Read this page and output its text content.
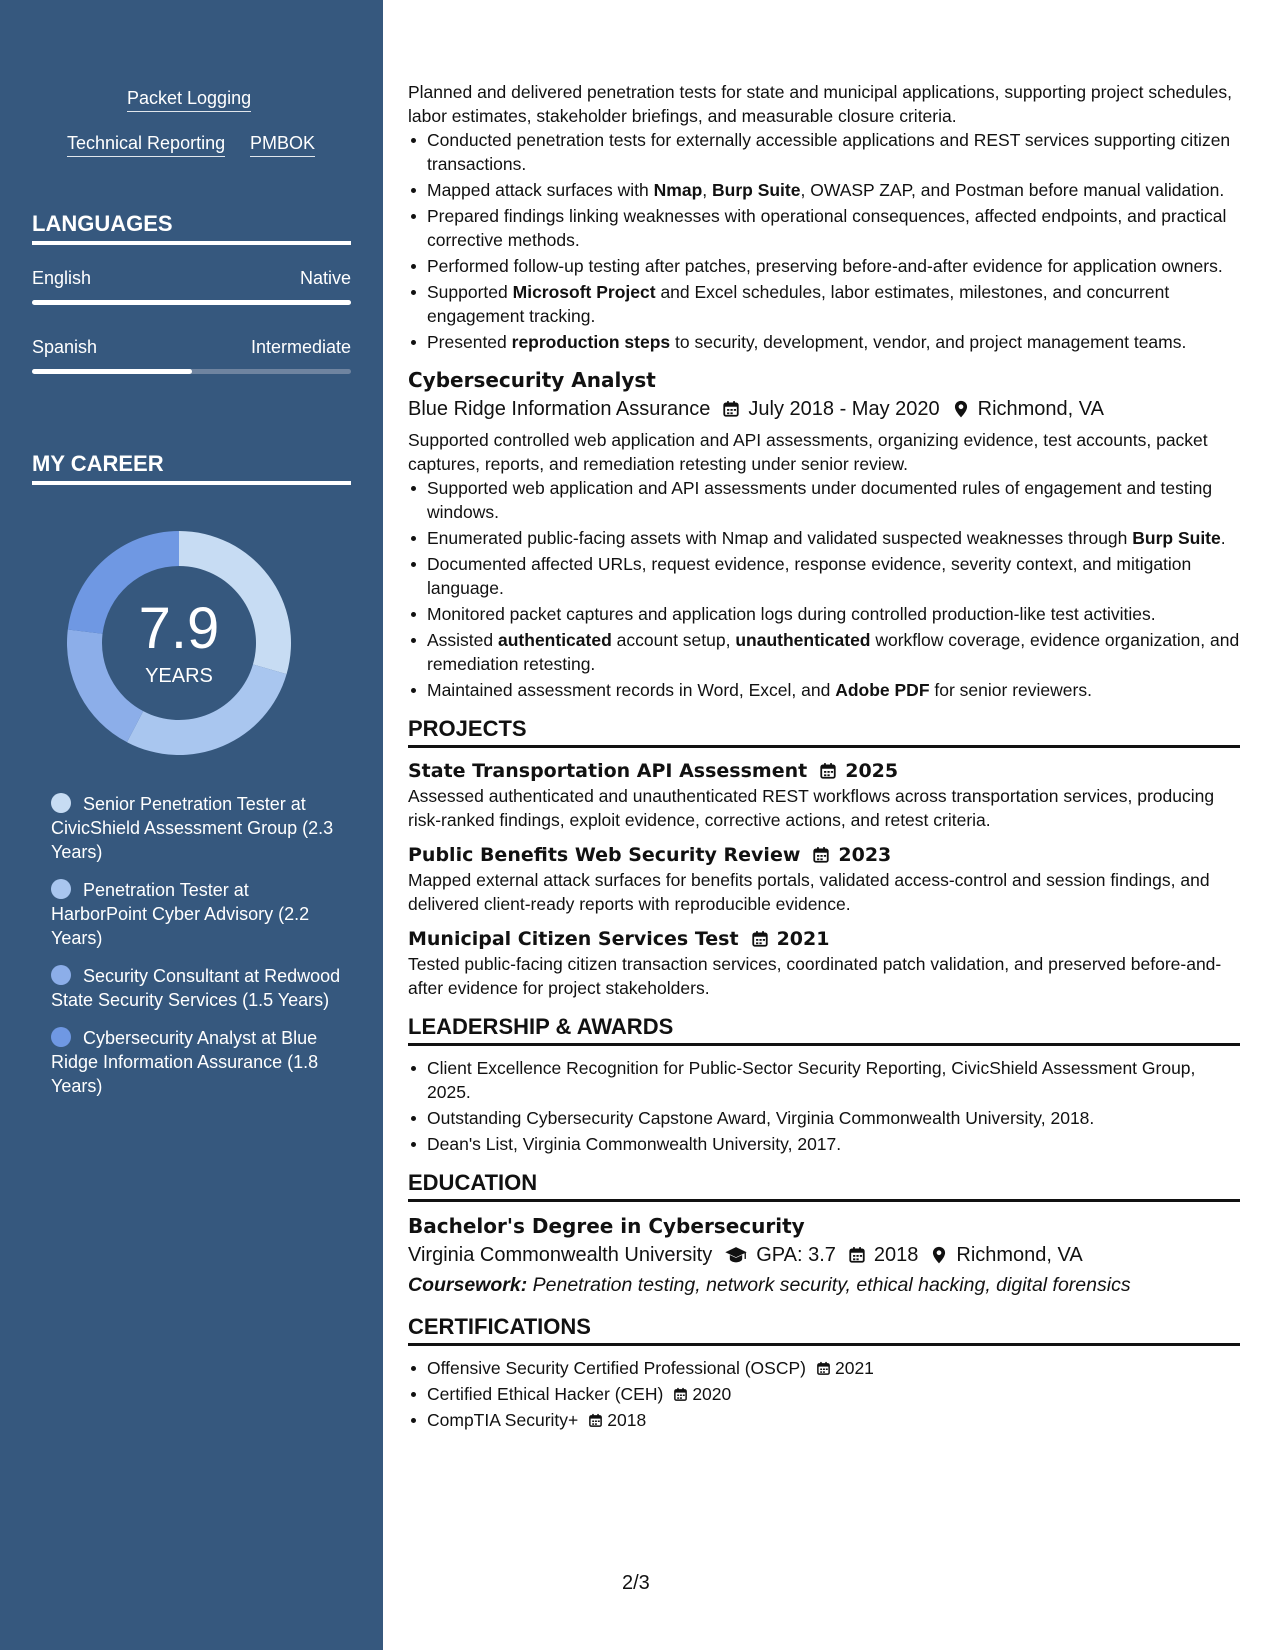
Packet Logging
Technical Reporting PMBOK
LANGUAGES
English	Native
Spanish	Intermediate
MY CAREER
7.9
YEARS
Senior Penetration Tester at CivicShield Assessment Group (2.3 Years)
Penetration Tester at HarborPoint Cyber Advisory (2.2 Years)
Security Consultant at Redwood State Security Services (1.5 Years)
Cybersecurity Analyst at Blue Ridge Information Assurance (1.8 Years)

Planned and delivered penetration tests for state and municipal applications, supporting project schedules, labor estimates, stakeholder briefings, and measurable closure criteria.

Conducted penetration tests for externally accessible applications and REST services supporting citizen transactions.
Mapped attack surfaces with Nmap, Burp Suite, OWASP ZAP, and Postman before manual validation.
Prepared findings linking weaknesses with operational consequences, affected endpoints, and practical corrective methods.
Performed follow-up testing after patches, preserving before-and-after evidence for application owners.
Supported Microsoft Project and Excel schedules, labor estimates, milestones, and concurrent engagement tracking.
Presented reproduction steps to security, development, vendor, and project management teams.
Cybersecurity Analyst
Blue Ridge Information Assurance July 2018 - May 2020 Richmond, VA

Supported controlled web application and API assessments, organizing evidence, test accounts, packet captures, reports, and remediation retesting under senior review.

Supported web application and API assessments under documented rules of engagement and testing windows.
Enumerated public-facing assets with Nmap and validated suspected weaknesses through Burp Suite.
Documented affected URLs, request evidence, response evidence, severity context, and mitigation language.
Monitored packet captures and application logs during controlled production-like test activities.
Assisted authenticated account setup, unauthenticated workflow coverage, evidence organization, and remediation retesting.
Maintained assessment records in Word, Excel, and Adobe PDF for senior reviewers.
PROJECTS
State Transportation API Assessment 2025

Assessed authenticated and unauthenticated REST workflows across transportation services, producing risk-ranked findings, exploit evidence, corrective actions, and retest criteria.

Public Benefits Web Security Review 2023

Mapped external attack surfaces for benefits portals, validated access-control and session findings, and delivered client-ready reports with reproducible evidence.

Municipal Citizen Services Test 2021

Tested public-facing citizen transaction services, coordinated patch validation, and preserved before-and-after evidence for project stakeholders.

LEADERSHIP & AWARDS
Client Excellence Recognition for Public-Sector Security Reporting, CivicShield Assessment Group, 2025.
Outstanding Cybersecurity Capstone Award, Virginia Commonwealth University, 2018.
Dean's List, Virginia Commonwealth University, 2017.
EDUCATION
Bachelor's Degree in Cybersecurity
Virginia Commonwealth University GPA: 3.7 2018 Richmond, VA
Coursework: Penetration testing, network security, ethical hacking, digital forensics
CERTIFICATIONS
Offensive Security Certified Professional (OSCP) 2021
Certified Ethical Hacker (CEH) 2020
CompTIA Security+ 2018
2/3
